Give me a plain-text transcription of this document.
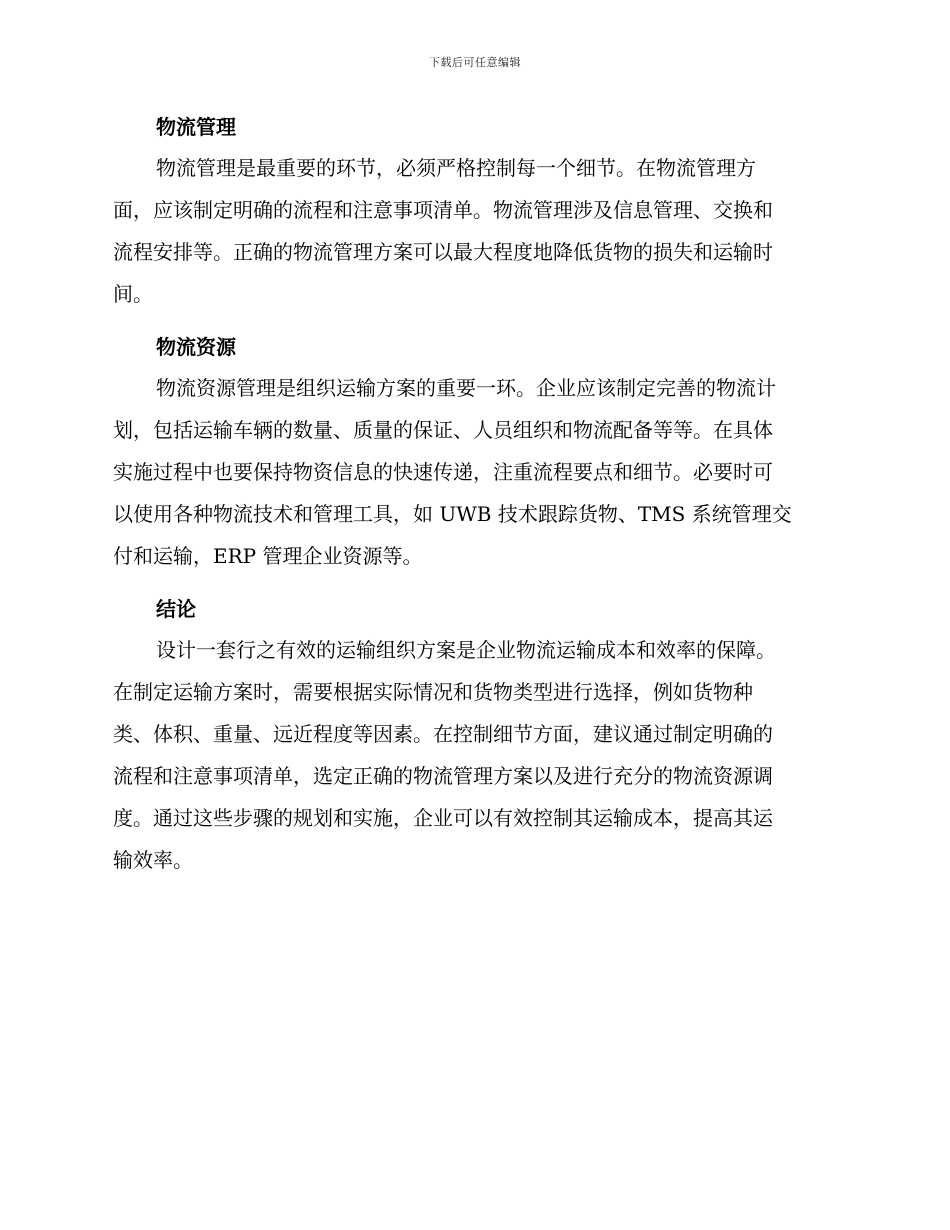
下载后可任意编辑
物流管理
物流管理是最重要的环节，必须严格控制每一个细节。在物流管理方
面，应该制定明确的流程和注意事项清单。物流管理涉及信息管理、交换和
流程安排等。正确的物流管理方案可以最大程度地降低货物的损失和运输时
间。
物流资源
物流资源管理是组织运输方案的重要一环。企业应该制定完善的物流计
划，包括运输车辆的数量、质量的保证、人员组织和物流配备等等。在具体
实施过程中也要保持物资信息的快速传递，注重流程要点和细节。必要时可
以使用各种物流技术和管理工具，如 UWB 技术跟踪货物、TMS 系统管理交
付和运输，ERP 管理企业资源等。
结论
设计一套行之有效的运输组织方案是企业物流运输成本和效率的保障。
在制定运输方案时，需要根据实际情况和货物类型进行选择，例如货物种
类、体积、重量、远近程度等因素。在控制细节方面，建议通过制定明确的
流程和注意事项清单，选定正确的物流管理方案以及进行充分的物流资源调
度。通过这些步骤的规划和实施，企业可以有效控制其运输成本，提高其运
输效率。
